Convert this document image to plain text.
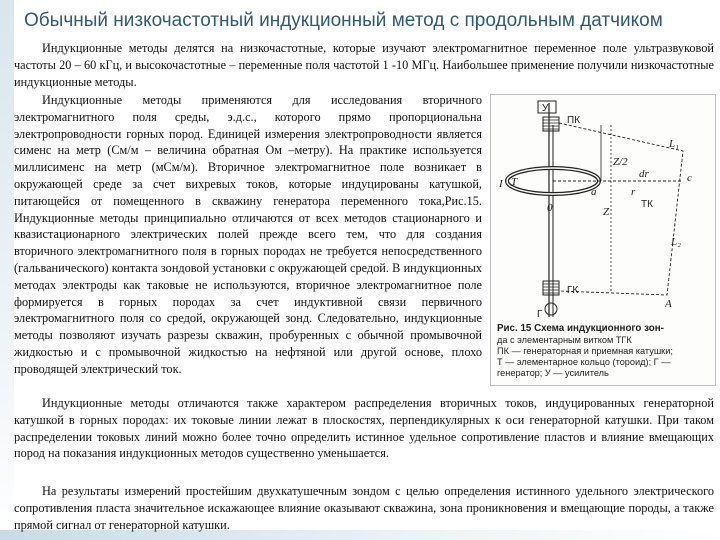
Обычный низкочастотный индукционный метод с продольным датчиком

Индукционные методы делятся на низкочастотные, которые изучают электромагнитное переменное поле ультразвуковой частоты 20 – 60 кГц, и высокочастотные – переменные поля частотой 1 -10 МГц. Наибольшее применение получили низкочастотные индукционные методы.

Индукционные методы применяются для исследования вторичного электромагнитного поля среды, э.д.с., которого прямо пропорциональна электропроводности горных пород. Единицей измерения электропроводности является сименс на метр (См/м – величина обратная Ом –метру). На практике используется миллисименс на метр (мСм/м). Вторичное электромагнитное поле возникает в окружающей среде за счет вихревых токов, которые индуцированы катушкой, питающейся от помещенного в скважину генератора переменного тока,Рис.15. Индукционные методы принципиально отличаются от всех методов стационарного и квазистационарного электрических полей прежде всего тем, что для создания вторичного электромагнитного поля в горных породах не требуется непосредственного (гальванического) контакта зондовой установки с окружающей средой. В индукционных методах электроды как таковые не используются, вторичное электромагнитное поле формируется в горных породах за счет индуктивной связи первичного электромагнитного поля со средой, окружающей зонд. Следовательно, индукционные методы позволяют изучать разрезы скважин, пробуренных с обычной промывочной жидкостью и с промывочной жидкостью на нефтяной или другой основе, плохо проводящей электрический ток.

У
ПК
ГК
Г
L₁
L₂
Z/2
Z
c
dr
r
ТК
I Т
a
0
A
Рис. 15 Схема индукционного зон-
да с элементарным витком ТГК
ПК — генераторная и приемная катушки;
Т — элементарное кольцо (тороид); Г —
генератор; У — усилитель

Индукционные методы отличаются также характером распределения вторичных токов, индуцированных генераторной катушкой в горных породах: их токовые линии лежат в плоскостях, перпендикулярных к оси генераторной катушки. При таком распределении токовых линий можно более точно определить истинное удельное сопротивление пластов и влияние вмещающих пород на показания индукционных методов существенно уменьшается.

На результаты измерений простейшим двухкатушечным зондом с целью определения истинного удельного электрического сопротивления пласта значительное искажающее влияние оказывают скважина, зона проникновения и вмещающие породы, а также прямой сигнал от генераторной катушки.
